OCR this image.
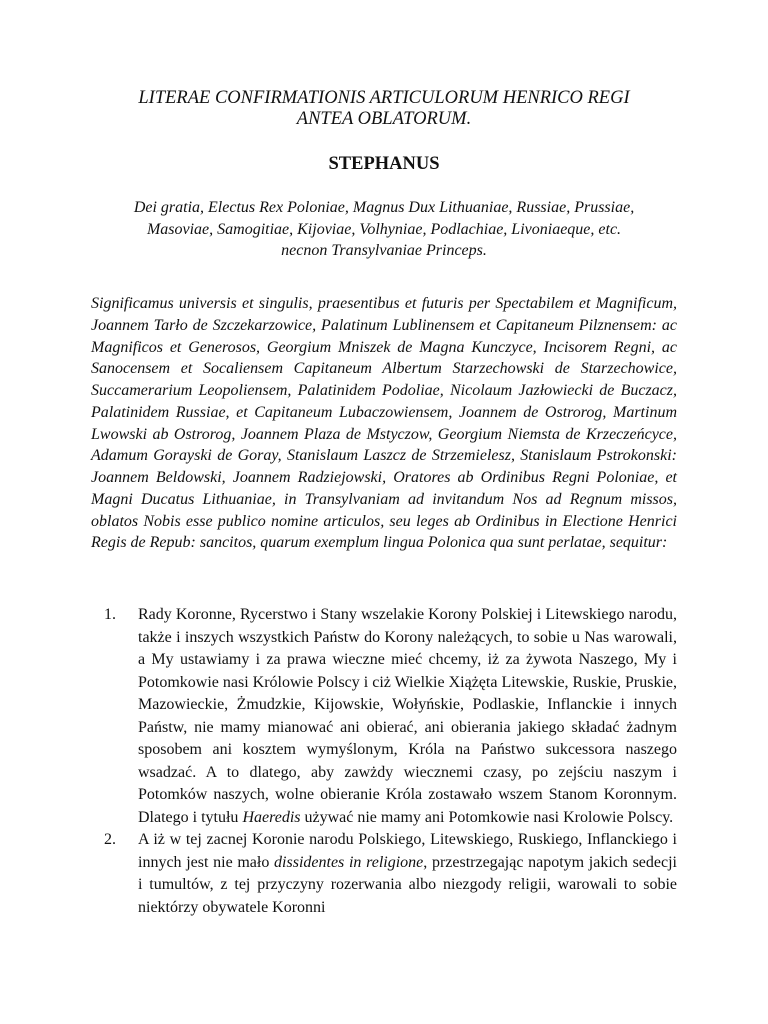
LITERAE CONFIRMATIONIS ARTICULORUM HENRICO REGI
ANTEA OBLATORUM.
STEPHANUS
Dei gratia, Electus Rex Poloniae, Magnus Dux Lithuaniae, Russiae, Prussiae,
Masoviae, Samogitiae, Kijoviae, Volhyniae, Podlachiae, Livoniaeque, etc.
necnon Transylvaniae Princeps.

Significamus universis et singulis, praesentibus et futuris per Spectabilem et Magnificum, Joannem Tarło de Szczekarzowice, Palatinum Lublinensem et Capitaneum Pilznensem: ac Magnificos et Generosos, Georgium Mniszek de Magna Kunczyce, Incisorem Regni, ac Sanocensem et Socaliensem Capitaneum Albertum Starzechowski de Starzechowice, Succamerarium Leopoliensem, Palatinidem Podoliae, Nicolaum Jazłowiecki de Buczacz, Palatinidem Russiae, et Capitaneum Lubaczowiensem, Joannem de Ostrorog, Martinum Lwowski ab Ostrorog, Joannem Plaza de Mstyczow, Georgium Niemsta de Krzeczeńcyce, Adamum Gorayski de Goray, Stanislaum Laszcz de Strzemielesz, Stanislaum Pstrokonski: Joannem Beldowski, Joannem Radziejowski, Oratores ab Ordinibus Regni Poloniae, et Magni Ducatus Lithuaniae, in Transylvaniam ad invitandum Nos ad Regnum missos, oblatos Nobis esse publico nomine articulos, seu leges ab Ordinibus in Electione Henrici Regis de Repub: sancitos, quarum exemplum lingua Polonica qua sunt perlatae, sequitur:

1. Rady Koronne, Rycerstwo i Stany wszelakie Korony Polskiej i Litewskiego narodu, także i inszych wszystkich Państw do Korony należących, to sobie u Nas warowali, a My ustawiamy i za prawa wieczne mieć chcemy, iż za żywota Naszego, My i Potomkowie nasi Królowie Polscy i ciż Wielkie Xiążęta Litewskie, Ruskie, Pruskie, Mazowieckie, Żmudzkie, Kijowskie, Wołyńskie, Podlaskie, Inflanckie i innych Państw, nie mamy mianować ani obierać, ani obierania jakiego składać żadnym sposobem ani kosztem wymyślonym, Króla na Państwo sukcessora naszego wsadzać. A to dlatego, aby zawżdy wiecznemi czasy, po zejściu naszym i Potomków naszych, wolne obieranie Króla zostawało wszem Stanom Koronnym. Dlatego i tytułu Haeredis używać nie mamy ani Potomkowie nasi Krolowie Polscy.
2. A iż w tej zacnej Koronie narodu Polskiego, Litewskiego, Ruskiego, Inflanckiego i innych jest nie mało dissidentes in religione, przestrzegając napotym jakich sedecji i tumultów, z tej przyczyny rozerwania albo niezgody religii, warowali to sobie niektórzy obywatele Koronni
